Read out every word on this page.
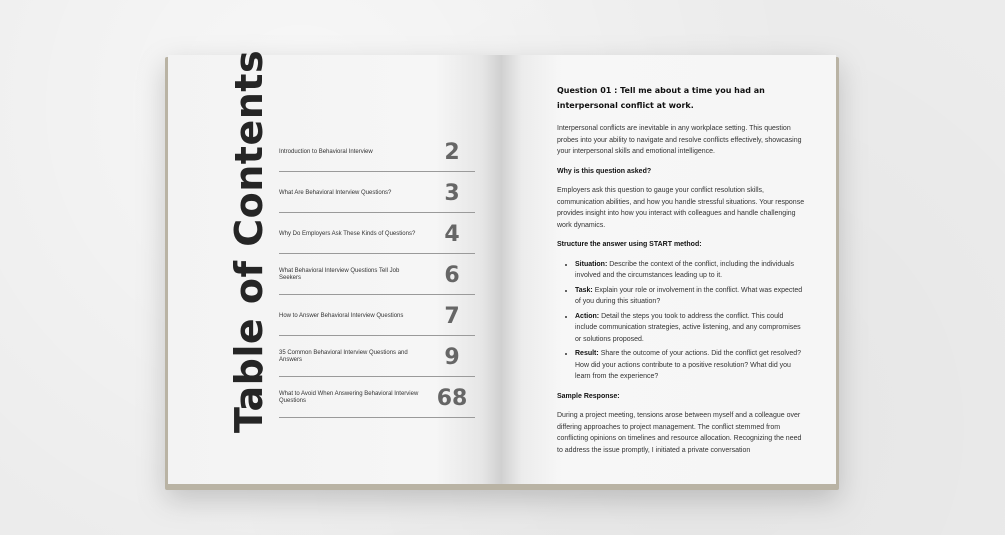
Table of Contents Introduction to Behavioral Interview	2
What Are Behavioral Interview Questions?	3
Why Do Employers Ask These Kinds of Questions?	4
What Behavioral Interview Questions Tell Job Seekers	6
How to Answer Behavioral Interview Questions	7
35 Common Behavioral Interview Questions and Answers	9
What to Avoid When Answering Behavioral Interview Questions	68

Question 01 : Tell me about a time you had an interpersonal conflict at work.

Interpersonal conflicts are inevitable in any workplace setting. This question probes into your ability to navigate and resolve conflicts effectively, showcasing your interpersonal skills and emotional intelligence.

Why is this question asked?

Employers ask this question to gauge your conflict resolution skills, communication abilities, and how you handle stressful situations. Your response provides insight into how you interact with colleagues and handle challenging work dynamics.

Structure the answer using START method:

• Situation: Describe the context of the conflict, including the individuals involved and the circumstances leading up to it.
• Task: Explain your role or involvement in the conflict. What was expected of you during this situation?
• Action: Detail the steps you took to address the conflict. This could include communication strategies, active listening, and any compromises or solutions proposed.
• Result: Share the outcome of your actions. Did the conflict get resolved? How did your actions contribute to a positive resolution? What did you learn from the experience?

Sample Response:

During a project meeting, tensions arose between myself and a colleague over differing approaches to project management. The conflict stemmed from conflicting opinions on timelines and resource allocation. Recognizing the need to address the issue promptly, I initiated a private conversation
